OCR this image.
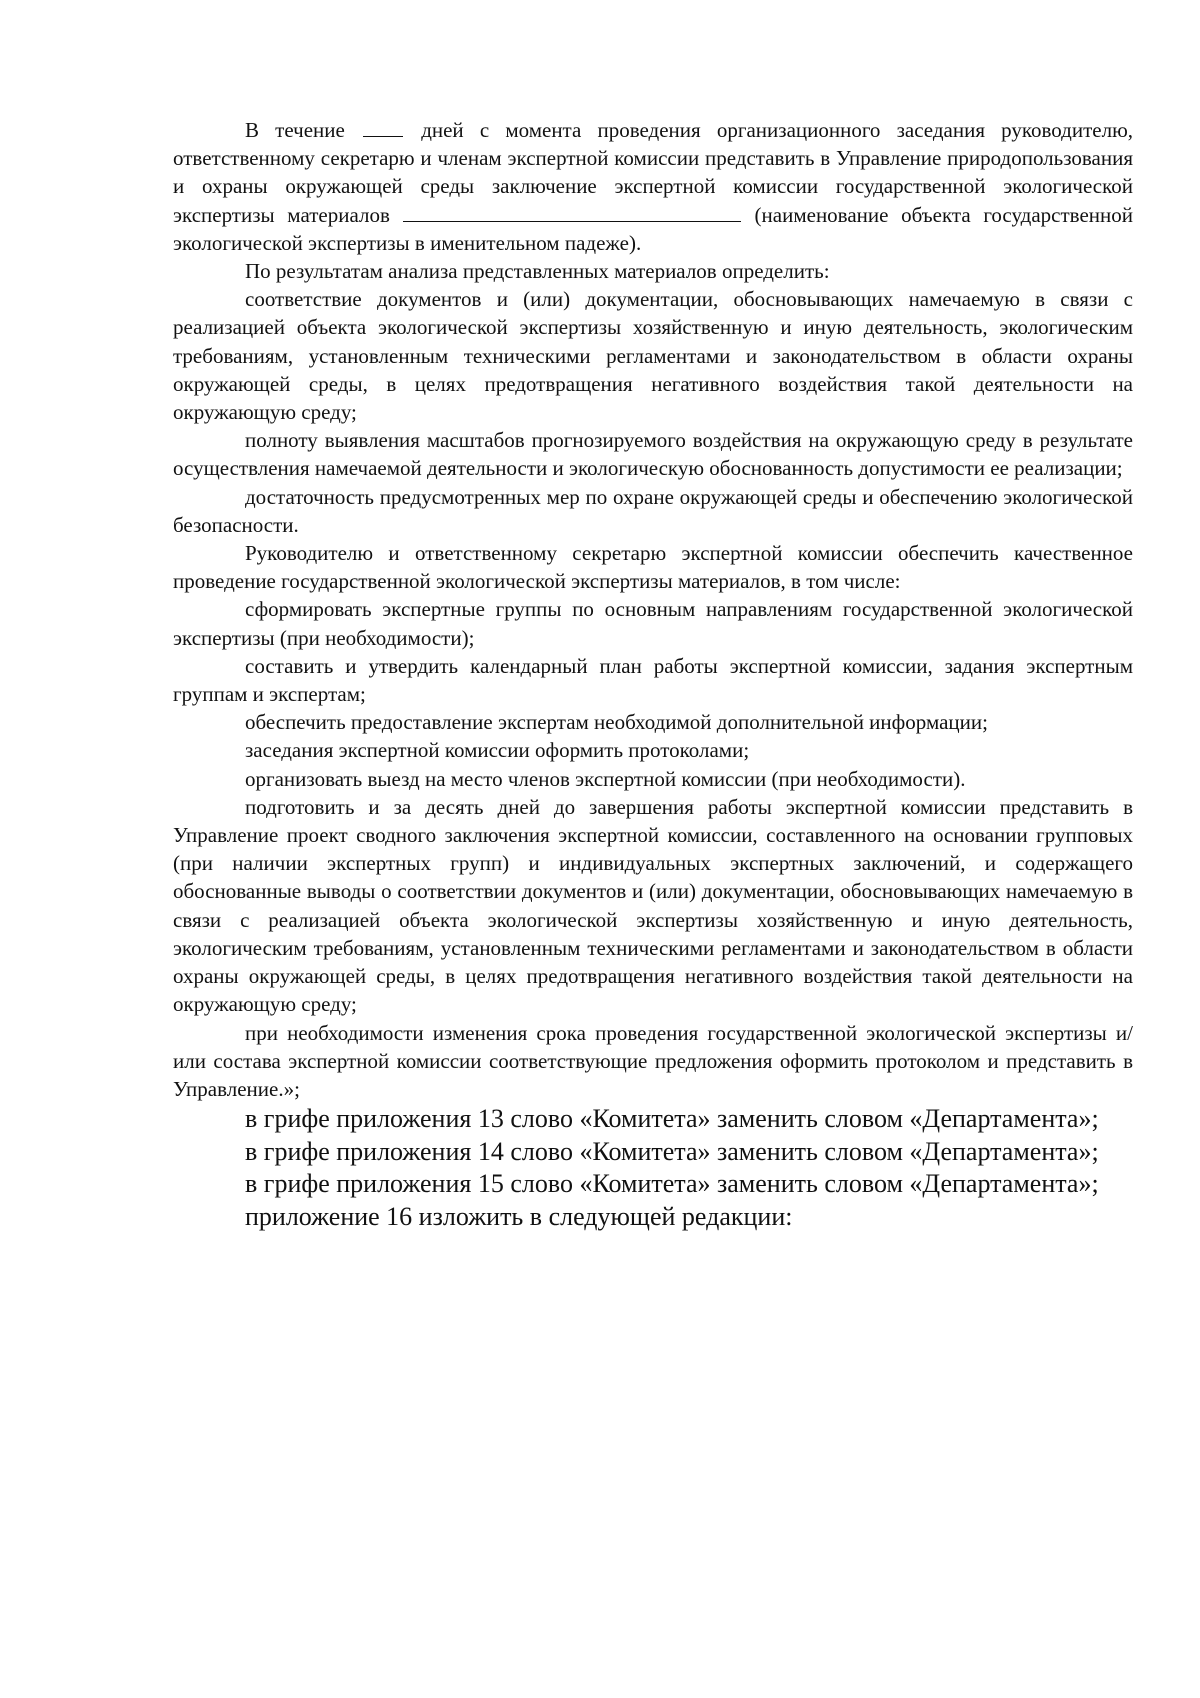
В течение	дней с момента проведения организационного заседания руководителю, ответственному секретарю и членам экспертной комиссии представить в Управление природопользования и охраны окружающей среды заключение экспертной комиссии государственной экологической экспертизы материалов	(наименование объекта государственной экологической экспертизы в именительном падеже).

По результатам анализа представленных материалов определить:

соответствие документов и (или) документации, обосновывающих намечаемую в связи с реализацией объекта экологической экспертизы хозяйственную и иную деятельность, экологическим требованиям, установленным техническими регламентами и законодательством в области охраны окружающей среды, в целях предотвращения негативного воздействия такой деятельности на окружающую среду;

полноту выявления масштабов прогнозируемого воздействия на окружающую среду в результате осуществления намечаемой деятельности и экологическую обоснованность допустимости ее реализации;

достаточность предусмотренных мер по охране окружающей среды и обеспечению экологической безопасности.

Руководителю и ответственному секретарю экспертной комиссии обеспечить качественное проведение государственной экологической экспертизы материалов, в том числе:

сформировать экспертные группы по основным направлениям государственной экологической экспертизы (при необходимости);

составить и утвердить календарный план работы экспертной комиссии, задания экспертным группам и экспертам;

обеспечить предоставление экспертам необходимой дополнительной информации;

заседания экспертной комиссии оформить протоколами;

организовать выезд на место членов экспертной комиссии (при необходимости).

подготовить и за десять дней до завершения работы экспертной комиссии представить в Управление проект сводного заключения экспертной комиссии, составленного на основании групповых (при наличии экспертных групп) и индивидуальных экспертных заключений, и содержащего обоснованные выводы о соответствии документов и (или) документации, обосновывающих намечаемую в связи с реализацией объекта экологической экспертизы хозяйственную и иную деятельность, экологическим требованиям, установленным техническими регламентами и законодательством в области охраны окружающей среды, в целях предотвращения негативного воздействия такой деятельности на окружающую среду;

при необходимости изменения срока проведения государственной экологической экспертизы и/или состава экспертной комиссии соответствующие предложения оформить протоколом и представить в Управление.»;

в грифе приложения 13 слово «Комитета» заменить словом «Департамента»;

в грифе приложения 14 слово «Комитета» заменить словом «Департамента»;

в грифе приложения 15 слово «Комитета» заменить словом «Департамента»;

приложение 16 изложить в следующей редакции:
